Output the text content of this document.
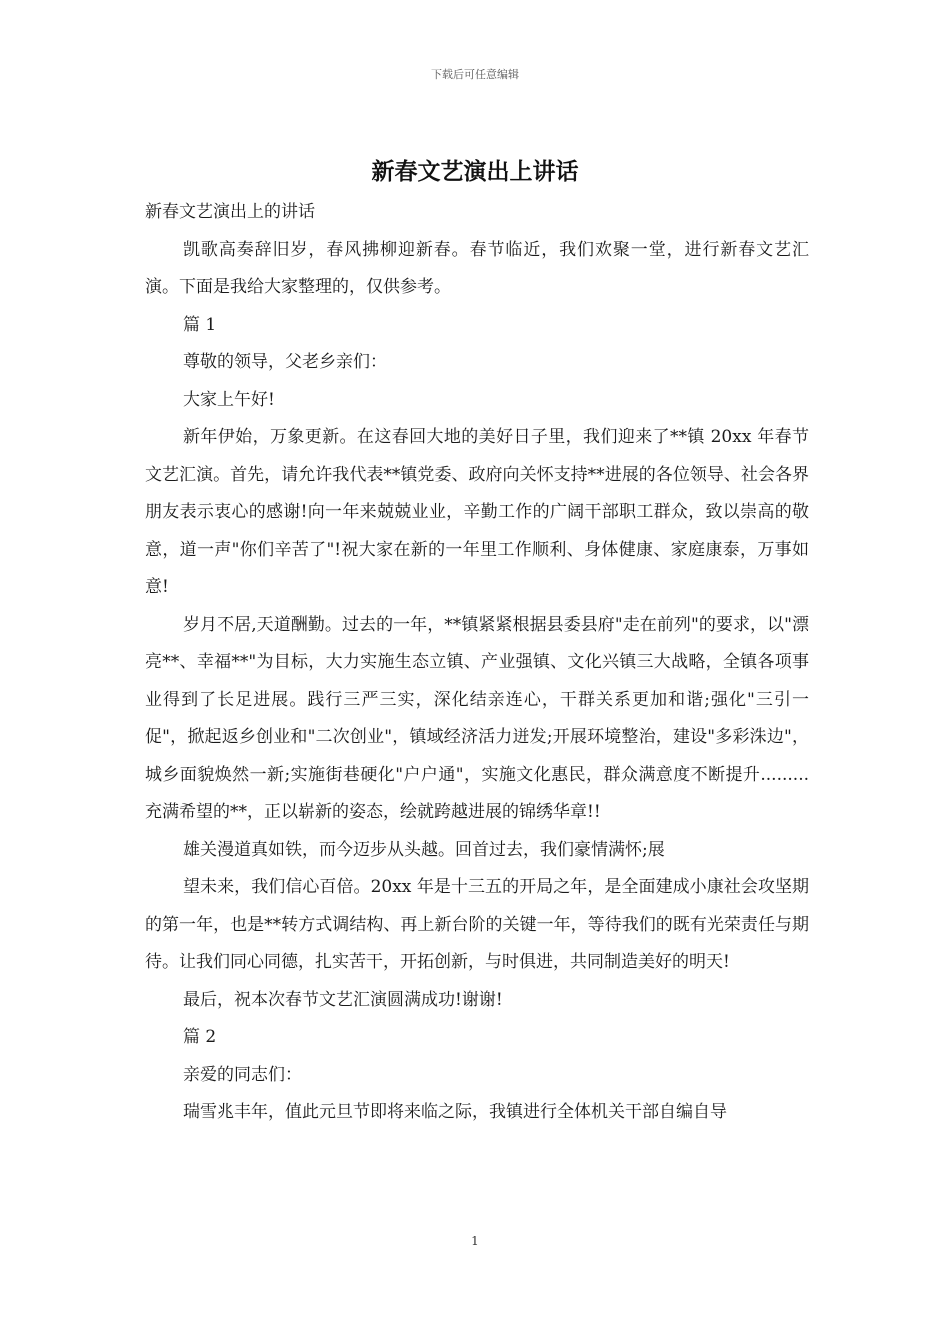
下载后可任意编辑
新春文艺演出上讲话

新春文艺演出上的讲话

凯歌高奏辞旧岁，春风拂柳迎新春。春节临近，我们欢聚一堂，进行新春文艺汇演。下面是我给大家整理的，仅供参考。

篇 1

尊敬的领导，父老乡亲们：

大家上午好!

新年伊始，万象更新。在这春回大地的美好日子里，我们迎来了**镇 20xx 年春节文艺汇演。首先，请允许我代表**镇党委、政府向关怀支持**进展的各位领导、社会各界朋友表示衷心的感谢!向一年来兢兢业业，辛勤工作的广阔干部职工群众，致以崇高的敬意，道一声"你们辛苦了"!祝大家在新的一年里工作顺利、身体健康、家庭康泰，万事如意!

岁月不居,天道酬勤。过去的一年，**镇紧紧根据县委县府"走在前列"的要求，以"漂亮**、幸福**"为目标，大力实施生态立镇、产业强镇、文化兴镇三大战略，全镇各项事业得到了长足进展。践行三严三实，深化结亲连心，干群关系更加和谐;强化"三引一促"，掀起返乡创业和"二次创业"，镇域经济活力迸发;开展环境整治，建设"多彩洙边"，城乡面貌焕然一新;实施街巷硬化"户户通"，实施文化惠民，群众满意度不断提升.........充满希望的**，正以崭新的姿态，绘就跨越进展的锦绣华章!!

雄关漫道真如铁，而今迈步从头越。回首过去，我们豪情满怀;展

望未来，我们信心百倍。20xx 年是十三五的开局之年，是全面建成小康社会攻坚期的第一年，也是**转方式调结构、再上新台阶的关键一年，等待我们的既有光荣责任与期待。让我们同心同德，扎实苦干，开拓创新，与时俱进，共同制造美好的明天!

最后，祝本次春节文艺汇演圆满成功!谢谢!

篇 2

亲爱的同志们：

瑞雪兆丰年，值此元旦节即将来临之际，我镇进行全体机关干部自编自导

1
